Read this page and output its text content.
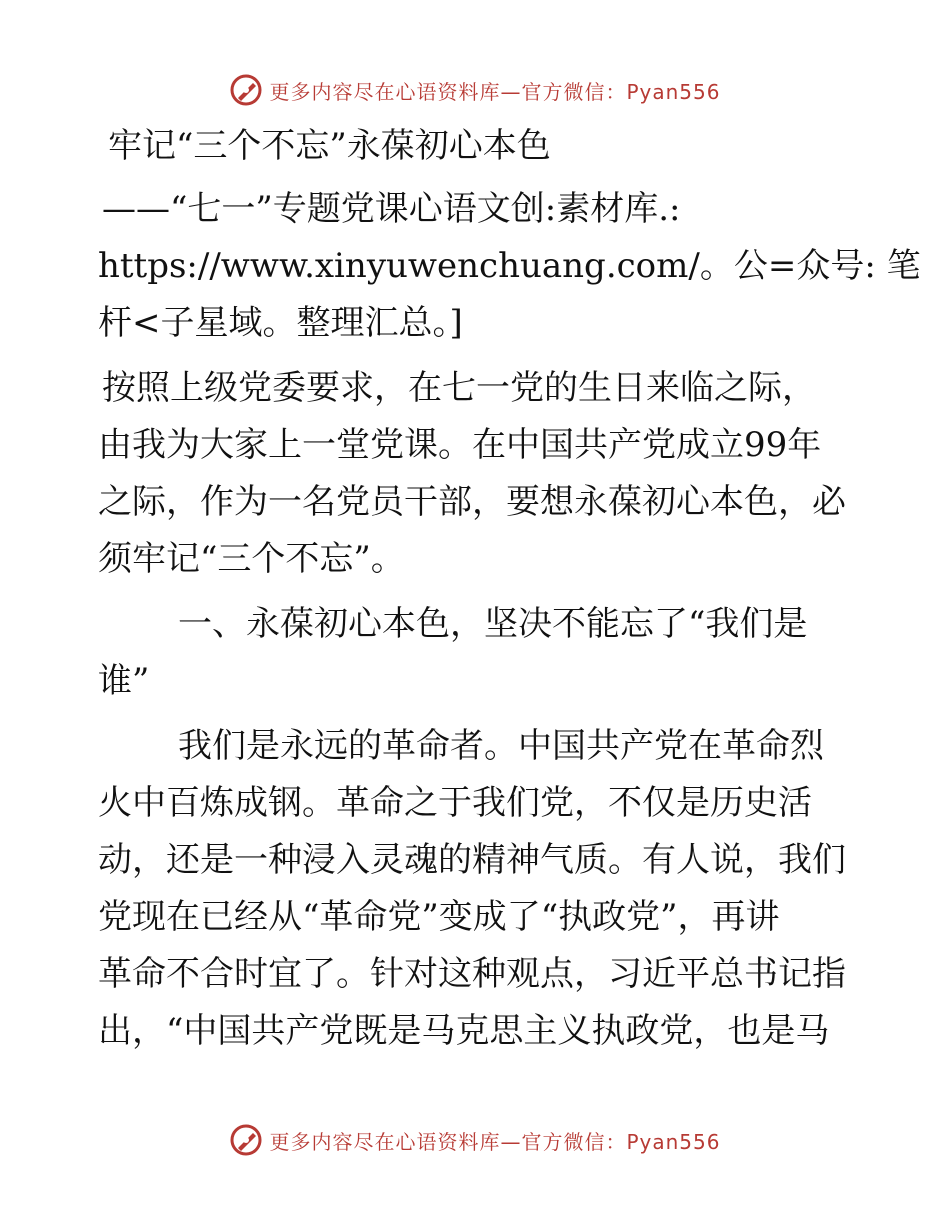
更多内容尽在心语资料库—官方微信：Pyan556

牢记“三个不忘”永葆初心本色

——“七一”专题党课心语文创:素材库.:

https://www.xinyuwenchuang.com/。公=众号: 笔

杆<子星域。整理汇总。]

按照上级党委要求，在七一党的生日来临之际，

由我为大家上一堂党课。在中国共产党成立99年

之际，作为一名党员干部，要想永葆初心本色，必

须牢记“三个不忘”。

一、永葆初心本色，坚决不能忘了“我们是

谁”

我们是永远的革命者。中国共产党在革命烈

火中百炼成钢。革命之于我们党，不仅是历史活

动，还是一种浸入灵魂的精神气质。有人说，我们

党现在已经从“革命党”变成了“执政党”，再讲

革命不合时宜了。针对这种观点，习近平总书记指

出，“中国共产党既是马克思主义执政党，也是马

更多内容尽在心语资料库—官方微信：Pyan556
